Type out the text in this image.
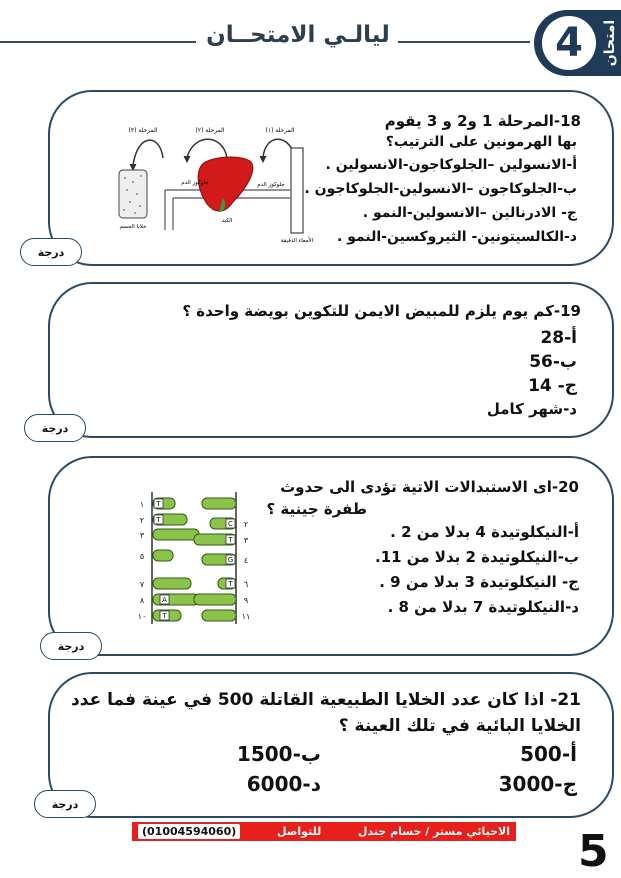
ليالـي الامتحــان	4	امتحان
درجة
18-المرحلة 1 و2 و 3 يقوم
بها الهرمونين على الترتيب؟
أ-الانسولين –الجلوكاجون-الانسولين .
ب-الجلوكاجون –الانسولين-الجلوكاجون .
ج- الادرنالين –الانسولين-النمو .
د-الكالسيتونين- الثيروكسين-النمو .
المرحلة (١)
المرحلة (٢)
المرحلة (٣)
جلوكوز الدم	جلوكوز الدم
الأمعاء الدقيقة
خلايا الجسم
الكبد
درجة
19-كم يوم يلزم للمبيض الايمن للتكوين بويضة واحدة ؟
أ-28
ب-56
ج- 14
د-شهر كامل
درجة
20-اى الاستبدالات الاتية تؤدى الى حدوث
طفرة جينية ؟
أ-النيكلوتيدة 4 بدلا من 2 .
ب-النيكلوتيدة 2 بدلا من 11.
ج- النيكلوتيدة 3 بدلا من 9 .
د-النيكلوتيدة 7 بدلا من 8 .
T
T	C
T
G
T
A
T
١
٢
٣
٥
٧
٨
١٠
٢
٣
٤
٦
٩
١١
درجة
21- اذا كان عدد الخلايا الطبيعية القاتلة 500 في عينة فما عدد
الخلايا البائية في تلك العينة ؟
أ-500
ب-1500
ج-3000
د-6000
(01004594060)	للتواصل	الاحيائي مستر / حسام جندل 5
